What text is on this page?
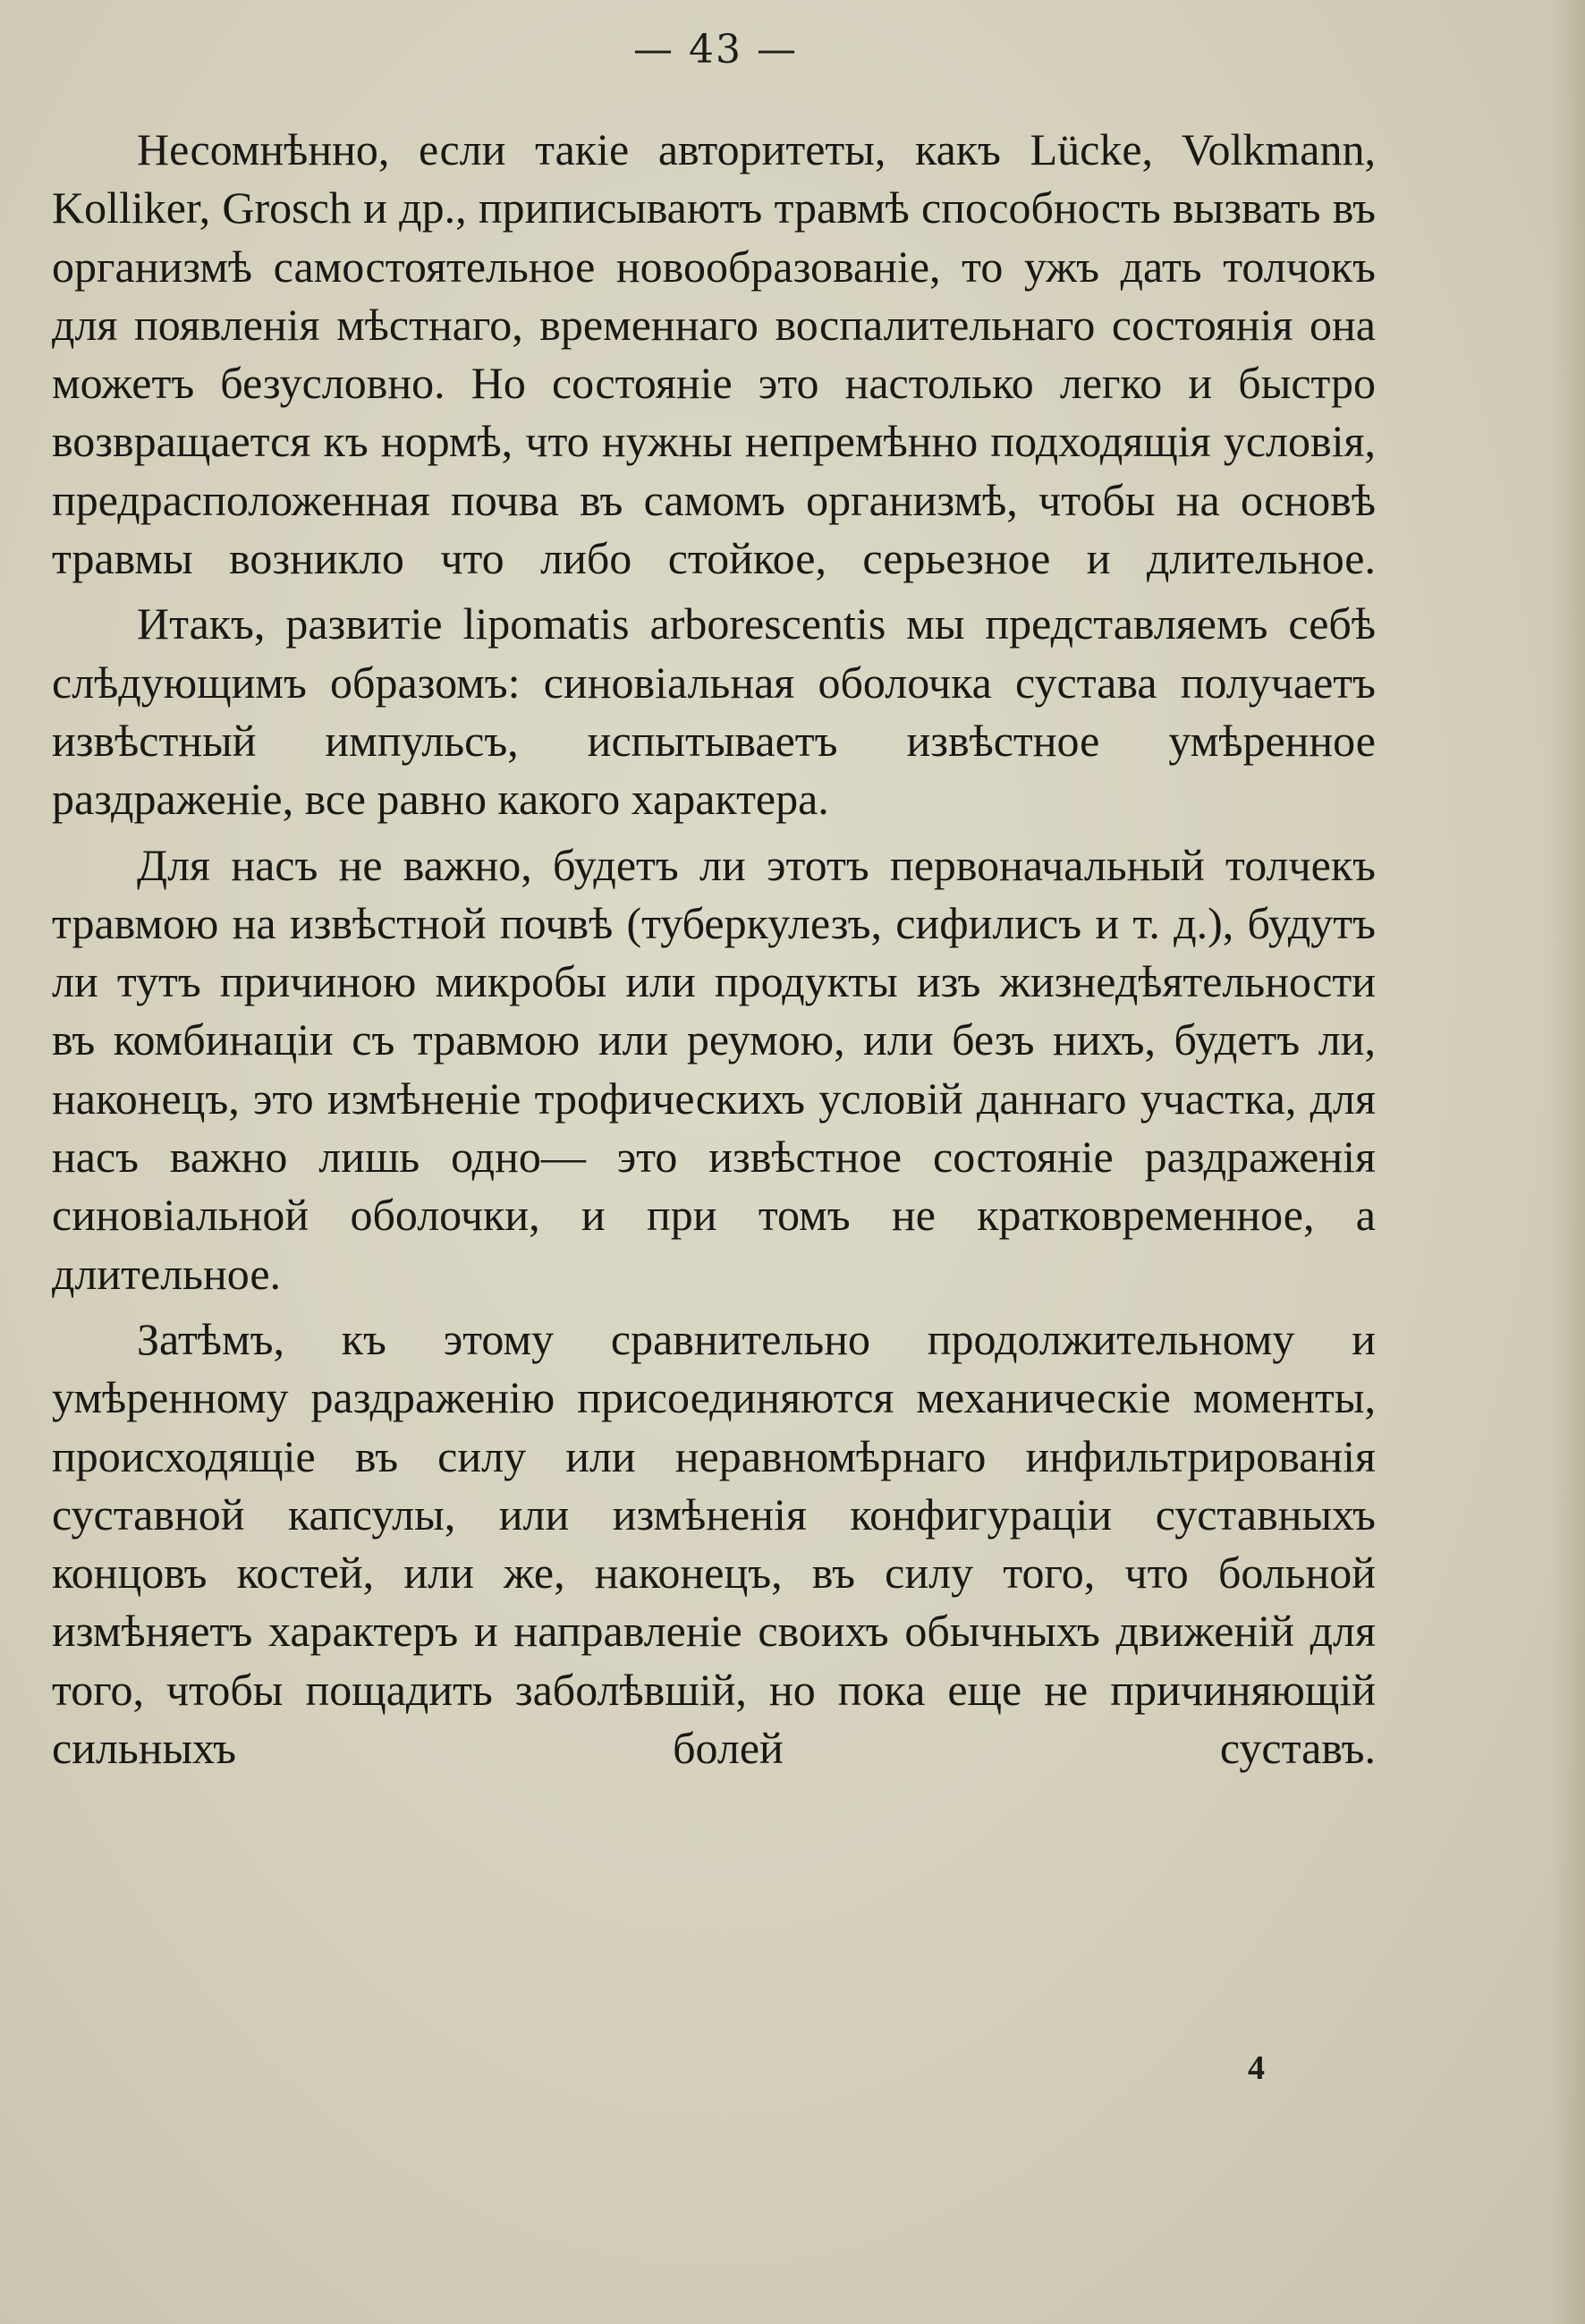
— 43 —

Несомнѣнно, если такіе авторитеты, какъ Lücke, Volkmann, Kolliker, Grosch и др., приписываютъ травмѣ способность вызвать въ организмѣ самостоятельное новообразованіе, то ужъ дать толчокъ для появленія мѣстнаго, временнаго воспалительнаго состоянія она можетъ безусловно. Но состояніе это настолько легко и быстро возвращается къ нормѣ, что нужны непремѣнно подходящія условія, предрасположенная почва въ самомъ организмѣ, чтобы на основѣ травмы возникло что либо стойкое, серьезное и длительное.

Итакъ, развитіе lipomatis arborescentis мы представляемъ себѣ слѣдующимъ образомъ: синовіальная оболочка сустава получаетъ извѣстный импульсъ, испытываетъ извѣстное умѣренное раздраженіе, все равно какого характера.

Для насъ не важно, будетъ ли этотъ первоначальный толчекъ травмою на извѣстной почвѣ (туберкулезъ, сифилисъ и т. д.), будутъ ли тутъ причиною микробы или продукты изъ жизнедѣятельности въ комбинаціи съ травмою или реумою, или безъ нихъ, будетъ ли, наконецъ, это измѣненіе трофическихъ условій даннаго участка, для насъ важно лишь одно— это извѣстное состояніе раздраженія синовіальной оболочки, и при томъ не кратковременное, а длительное.

Затѣмъ, къ этому сравнительно продолжительному и умѣренному раздраженію присоединяются механическіе моменты, происходящіе въ силу или неравномѣрнаго инфильтрированія суставной капсулы, или измѣненія конфигураціи суставныхъ концовъ костей, или же, наконецъ, въ силу того, что больной измѣняетъ характеръ и направленіе своихъ обычныхъ движеній для того, чтобы пощадить заболѣвшій, но пока еще не причиняющій сильныхъ болей суставъ.

4
